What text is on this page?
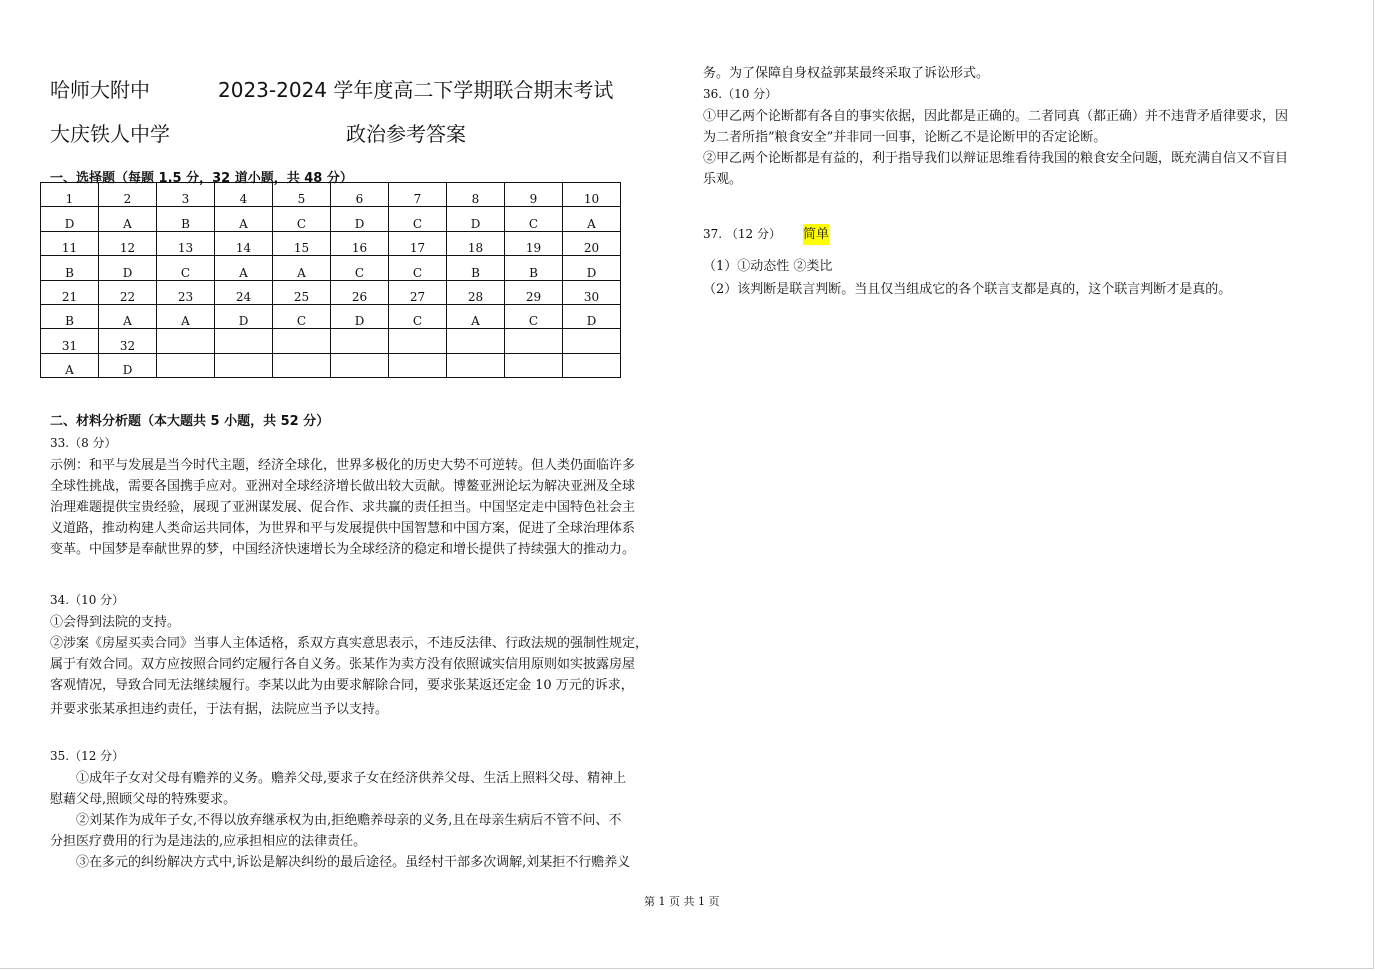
哈师大附中	2023-2024 学年度高二下学期联合期末考试
大庆铁人中学	政治参考答案
一、选择题（每题 1.5 分，32 道小题，共 48 分）
1	2	3	4	5	6	7	8	9	10
D	A	B	A	C	D	C	D	C	A
11	12	13	14	15	16	17	18	19	20
B	D	C	A	A	C	C	B	B	D
21	22	23	24	25	26	27	28	29	30
B	A	A	D	C	D	C	A	C	D
31	32								
A	D								
二、材料分析题（本大题共 5 小题，共 52 分）
33.（8 分）
示例：和平与发展是当今时代主题，经济全球化，世界多极化的历史大势不可逆转。但人类仍面临许多
全球性挑战，需要各国携手应对。亚洲对全球经济增长做出较大贡献。博鳌亚洲论坛为解决亚洲及全球
治理难题提供宝贵经验，展现了亚洲谋发展、促合作、求共赢的责任担当。中国坚定走中国特色社会主
义道路，推动构建人类命运共同体，为世界和平与发展提供中国智慧和中国方案，促进了全球治理体系
变革。中国梦是奉献世界的梦，中国经济快速增长为全球经济的稳定和增长提供了持续强大的推动力。
34.（10 分）
①会得到法院的支持。
②涉案《房屋买卖合同》当事人主体适格，系双方真实意思表示，不违反法律、行政法规的强制性规定，
属于有效合同。双方应按照合同约定履行各自义务。张某作为卖方没有依照诚实信用原则如实披露房屋
客观情况，导致合同无法继续履行。李某以此为由要求解除合同，要求张某返还定金 10 万元的诉求，
并要求张某承担违约责任，于法有据，法院应当予以支持。
35.（12 分）
①成年子女对父母有赡养的义务。赡养父母,要求子女在经济供养父母、生活上照料父母、精神上
慰藉父母,照顾父母的特殊要求。
②刘某作为成年子女,不得以放弃继承权为由,拒绝赡养母亲的义务,且在母亲生病后不管不问、不
分担医疗费用的行为是违法的,应承担相应的法律责任。
③在多元的纠纷解决方式中,诉讼是解决纠纷的最后途径。虽经村干部多次调解,刘某拒不行赡养义
务。为了保障自身权益郭某最终采取了诉讼形式。
36.（10 分）
①甲乙两个论断都有各自的事实依据，因此都是正确的。二者同真（都正确）并不违背矛盾律要求，因
为二者所指”粮食安全”并非同一回事，论断乙不是论断甲的否定论断。
②甲乙两个论断都是有益的，利于指导我们以辩证思维看待我国的粮食安全问题，既充满自信又不盲目
乐观。
37. （12 分） 简单
（1）①动态性 ②类比
（2）该判断是联言判断。当且仅当组成它的各个联言支都是真的，这个联言判断才是真的。
第 1 页 共 1 页
